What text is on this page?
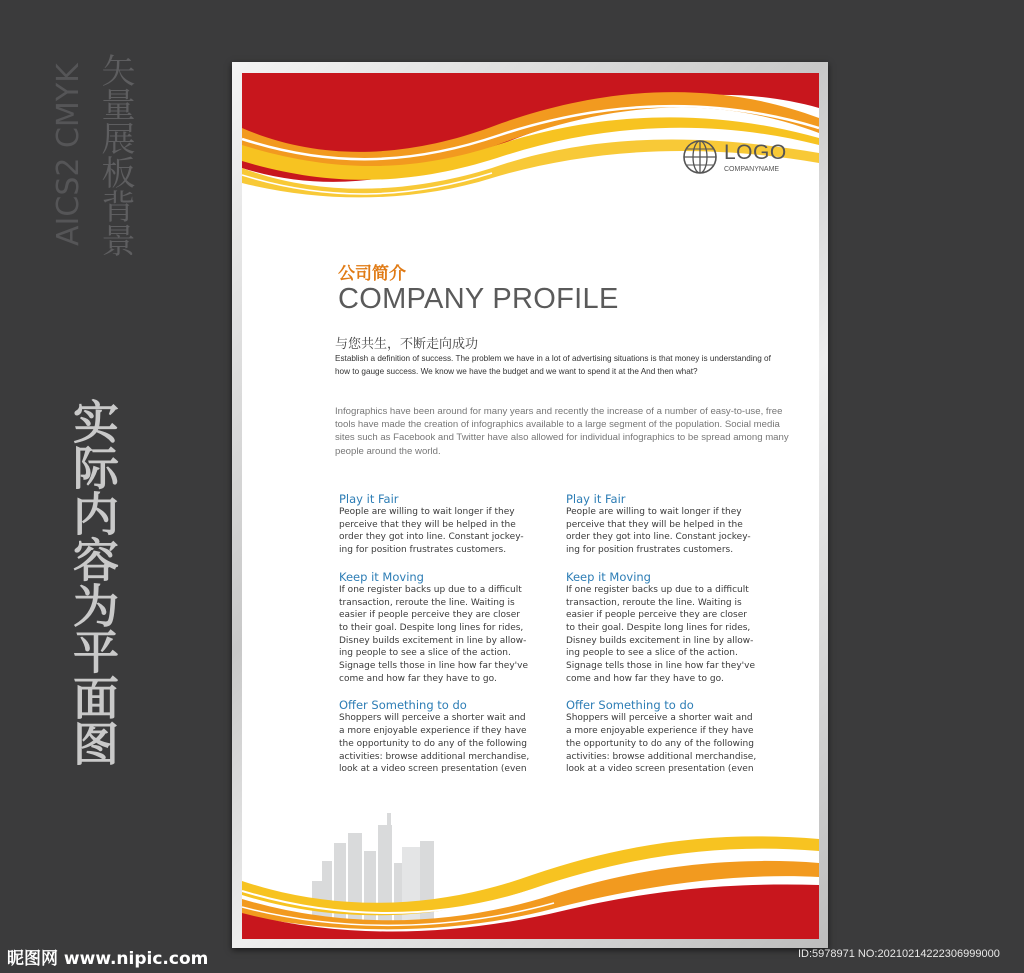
AICS2 CMYK 矢量展板背景
实际内容为平面图
LOGO
COMPANYNAME
公司简介
COMPANY PROFILE
与您共生，不断走向成功
Establish a definition of success. The problem we have in a lot of advertising situations is that money is understanding of how to gauge success. We know we have the budget and we want to spend it at the And then what?
Infographics have been around for many years and recently the increase of a number of easy-to-use, free tools have made the creation of infographics available to a large segment of the population. Social media sites such as Facebook and Twitter have also allowed for individual infographics to be spread among many people around the world.
Play it Fair

People are willing to wait longer if they
perceive that they will be helped in the
order they got into line. Constant jockey-
ing for position frustrates customers.

Keep it Moving

If one register backs up due to a difficult
transaction, reroute the line. Waiting is
easier if people perceive they are closer
to their goal. Despite long lines for rides,
Disney builds excitement in line by allow-
ing people to see a slice of the action.
Signage tells those in line how far they've
come and how far they have to go.

Offer Something to do

Shoppers will perceive a shorter wait and
a more enjoyable experience if they have
the opportunity to do any of the following
activities: browse additional merchandise,
look at a video screen presentation (even

Play it Fair

People are willing to wait longer if they
perceive that they will be helped in the
order they got into line. Constant jockey-
ing for position frustrates customers.

Keep it Moving

If one register backs up due to a difficult
transaction, reroute the line. Waiting is
easier if people perceive they are closer
to their goal. Despite long lines for rides,
Disney builds excitement in line by allow-
ing people to see a slice of the action.
Signage tells those in line how far they've
come and how far they have to go.

Offer Something to do

Shoppers will perceive a shorter wait and
a more enjoyable experience if they have
the opportunity to do any of the following
activities: browse additional merchandise,
look at a video screen presentation (even

昵图网 www.nipic.com	ID:5978971 NO:20210214222306999000
